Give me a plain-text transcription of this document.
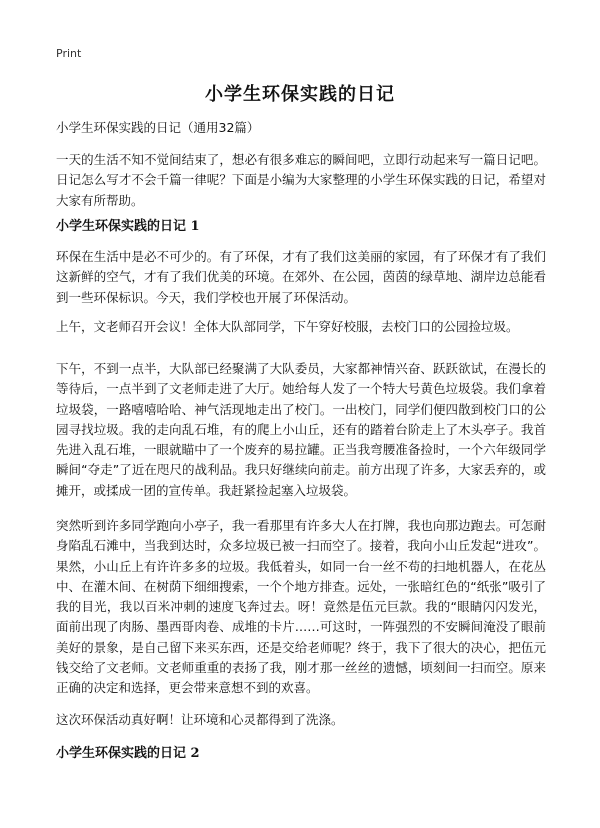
Print
小学生环保实践的日记

小学生环保实践的日记（通用32篇）

一天的生活不知不觉间结束了，想必有很多难忘的瞬间吧，立即行动起来写一篇日记吧。日记怎么写才不会千篇一律呢？下面是小编为大家整理的小学生环保实践的日记，希望对大家有所帮助。

小学生环保实践的日记 1

环保在生活中是必不可少的。有了环保，才有了我们这美丽的家园，有了环保才有了我们这新鲜的空气，才有了我们优美的环境。在郊外、在公园，茵茵的绿草地、湖岸边总能看到一些环保标识。今天，我们学校也开展了环保活动。

上午，文老师召开会议！全体大队部同学，下午穿好校服，去校门口的公园捡垃圾。

下午，不到一点半，大队部已经聚满了大队委员，大家都神情兴奋、跃跃欲试，在漫长的等待后，一点半到了文老师走进了大厅。她给每人发了一个特大号黄色垃圾袋。我们拿着垃圾袋，一路嘻嘻哈哈、神气活现地走出了校门。一出校门，同学们便四散到校门口的公园寻找垃圾。我的走向乱石堆，有的爬上小山丘，还有的踏着台阶走上了木头亭子。我首先进入乱石堆，一眼就瞄中了一个废弃的易拉罐。正当我弯腰准备捡时，一个六年级同学瞬间“夺走”了近在咫尺的战利品。我只好继续向前走。前方出现了许多，大家丢弃的，或摊开，或揉成一团的宣传单。我赶紧捡起塞入垃圾袋。

突然听到许多同学跑向小亭子，我一看那里有许多大人在打牌，我也向那边跑去。可怎耐身陷乱石滩中，当我到达时，众多垃圾已被一扫而空了。接着，我向小山丘发起“进攻”。果然，小山丘上有许许多多的垃圾。我低着头，如同一台一丝不苟的扫地机器人，在花丛中、在灌木间、在树荫下细细搜索，一个个地方排查。远处，一张暗红色的“纸张”吸引了我的目光，我以百米冲刺的速度飞奔过去。呀！竟然是伍元巨款。我的“眼睛闪闪发光，面前出现了肉肠、墨西哥肉卷、成堆的卡片……可这时，一阵强烈的不安瞬间淹没了眼前美好的景象，是自己留下来买东西，还是交给老师呢？终于，我下了很大的决心，把伍元钱交给了文老师。文老师重重的表扬了我，刚才那一丝丝的遗憾，顷刻间一扫而空。原来正确的决定和选择，更会带来意想不到的欢喜。

这次环保活动真好啊！让环境和心灵都得到了洗涤。

小学生环保实践的日记 2
